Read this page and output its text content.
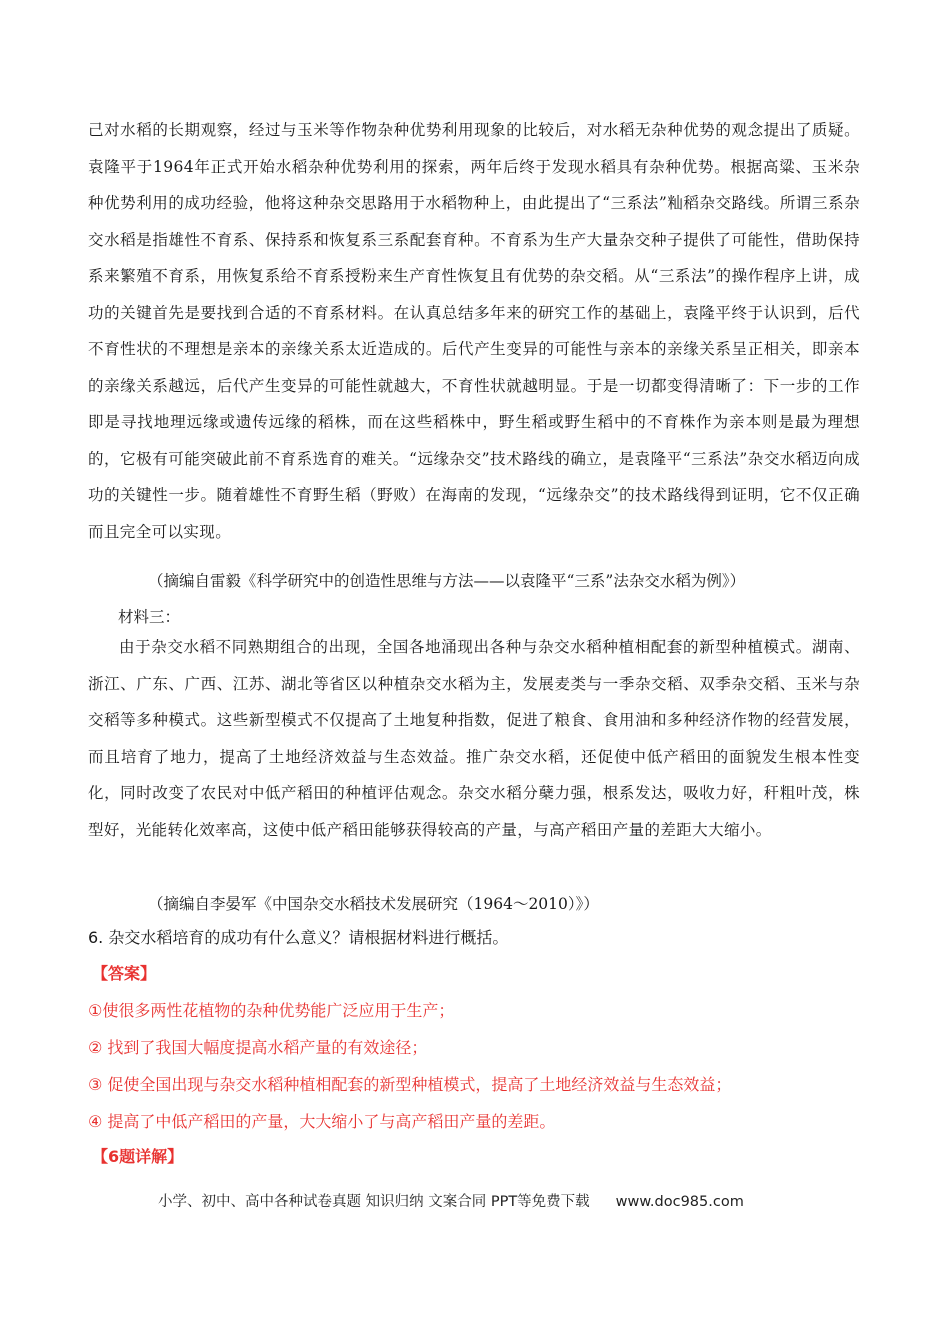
己对水稻的长期观察，经过与玉米等作物杂种优势利用现象的比较后，对水稻无杂种优势的观念提出了质疑。袁隆平于1964年正式开始水稻杂种优势利用的探索，两年后终于发现水稻具有杂种优势。根据高粱、玉米杂种优势利用的成功经验，他将这种杂交思路用于水稻物种上，由此提出了“三系法”籼稻杂交路线。所谓三系杂交水稻是指雄性不育系、保持系和恢复系三系配套育种。不育系为生产大量杂交种子提供了可能性，借助保持系来繁殖不育系，用恢复系给不育系授粉来生产育性恢复且有优势的杂交稻。从“三系法”的操作程序上讲，成功的关键首先是要找到合适的不育系材料。在认真总结多年来的研究工作的基础上，袁隆平终于认识到，后代不育性状的不理想是亲本的亲缘关系太近造成的。后代产生变异的可能性与亲本的亲缘关系呈正相关，即亲本的亲缘关系越远，后代产生变异的可能性就越大，不育性状就越明显。于是一切都变得清晰了：下一步的工作即是寻找地理远缘或遗传远缘的稻株，而在这些稻株中，野生稻或野生稻中的不育株作为亲本则是最为理想的，它极有可能突破此前不育系选育的难关。“远缘杂交”技术路线的确立，是袁隆平“三系法”杂交水稻迈向成功的关键性一步。随着雄性不育野生稻（野败）在海南的发现，“远缘杂交”的技术路线得到证明，它不仅正确而且完全可以实现。

（摘编自雷毅《科学研究中的创造性思维与方法——以袁隆平“三系”法杂交水稻为例》）

材料三：

由于杂交水稻不同熟期组合的出现，全国各地涌现出各种与杂交水稻种植相配套的新型种植模式。湖南、浙江、广东、广西、江苏、湖北等省区以种植杂交水稻为主，发展麦类与一季杂交稻、双季杂交稻、玉米与杂交稻等多种模式。这些新型模式不仅提高了土地复种指数，促进了粮食、食用油和多种经济作物的经营发展，而且培育了地力，提高了土地经济效益与生态效益。推广杂交水稻，还促使中低产稻田的面貌发生根本性变化，同时改变了农民对中低产稻田的种植评估观念。杂交水稻分蘖力强，根系发达，吸收力好，秆粗叶茂，株型好，光能转化效率高，这使中低产稻田能够获得较高的产量，与高产稻田产量的差距大大缩小。

（摘编自李晏军《中国杂交水稻技术发展研究（1964～2010）》）

6. 杂交水稻培育的成功有什么意义？请根据材料进行概括。

【答案】

①使很多两性花植物的杂种优势能广泛应用于生产；

② 找到了我国大幅度提高水稻产量的有效途径；

③ 促使全国出现与杂交水稻种植相配套的新型种植模式，提高了土地经济效益与生态效益；

④ 提高了中低产稻田的产量，大大缩小了与高产稻田产量的差距。

【6题详解】

小学、初中、高中各种试卷真题 知识归纳 文案合同 PPT等免费下载 www.doc985.com
